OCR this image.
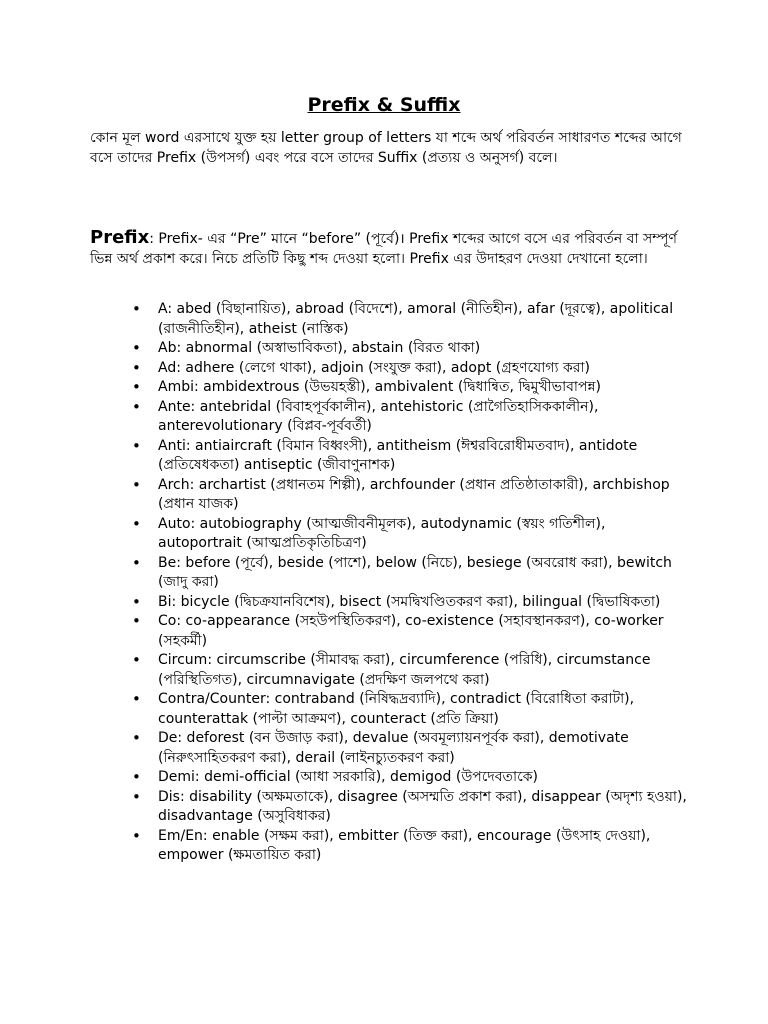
Prefix & Suffix

কোন মূল word এরসাথে যুক্ত হয় letter group of letters যা শব্দে অর্থ পরিবর্তন সাধারণত শব্দের আগে বসে তাদের Prefix (উপসর্গ) এবং পরে বসে তাদের Suffix (প্রত্যয় ও অনুসর্গ) বলে।

Prefix: Prefix- এর “Pre” মানে “before” (পূর্বে)। Prefix শব্দের আগে বসে এর পরিবর্তন বা সম্পূর্ণ ভিন্ন অর্থ প্রকাশ করে। নিচে প্রতিটি কিছু শব্দ দেওয়া হলো। Prefix এর উদাহরণ দেওয়া দেখানো হলো।

• A: abed (বিছানায়িত), abroad (বিদেশে), amoral (নীতিহীন), afar (দূরত্বে), apolitical (রাজনীতিহীন), atheist (নাস্তিক)
• Ab: abnormal (অস্বাভাবিকতা), abstain (বিরত থাকা)
• Ad: adhere (লেগে থাকা), adjoin (সংযুক্ত করা), adopt (গ্রহণযোগ্য করা)
• Ambi: ambidextrous (উভয়হস্তী), ambivalent (দ্বিধান্বিত, দ্বিমুখীভাবাপন্ন)
• Ante: antebridal (বিবাহপূর্বকালীন), antehistoric (প্রাগৈতিহাসিককালীন), anterevolutionary (বিপ্লব-পূর্ববর্তী)
• Anti: antiaircraft (বিমান বিধ্বংসী), antitheism (ঈশ্বরবিরোধীমতবাদ), antidote (প্রতিষেধকতা) antiseptic (জীবাণুনাশক)
• Arch: archartist (প্রধানতম শিল্পী), archfounder (প্রধান প্রতিষ্ঠাতাকারী), archbishop (প্রধান যাজক)
• Auto: autobiography (আত্মজীবনীমূলক), autodynamic (স্বয়ং গতিশীল), autoportrait (আত্মপ্রতিকৃতিচিত্রণ)
• Be: before (পূর্বে), beside (পাশে), below (নিচে), besiege (অবরোধ করা), bewitch (জাদু করা)
• Bi: bicycle (দ্বিচক্রযানবিশেষ), bisect (সমদ্বিখণ্ডিতকরণ করা), bilingual (দ্বিভাষিকতা)
• Co: co-appearance (সহউপস্থিতিকরণ), co-existence (সহাবস্থানকরণ), co-worker (সহকর্মী)
• Circum: circumscribe (সীমাবদ্ধ করা), circumference (পরিধি), circumstance (পরিস্থিতিগত), circumnavigate (প্রদক্ষিণ জলপথে করা)
• Contra/Counter: contraband (নিষিদ্ধদ্রব্যাদি), contradict (বিরোধিতা করাটা), counterattak (পাল্টা আক্রমণ), counteract (প্রতি ক্রিয়া)
• De: deforest (বন উজাড় করা), devalue (অবমূল্যায়নপূর্বক করা), demotivate (নিরুৎসাহিতকরণ করা), derail (লাইনচ্যুতকরণ করা)
• Demi: demi-official (আধা সরকারি), demigod (উপদেবতাকে)
• Dis: disability (অক্ষমতাকে), disagree (অসম্মতি প্রকাশ করা), disappear (অদৃশ্য হওয়া), disadvantage (অসুবিধাকর)
• Em/En: enable (সক্ষম করা), embitter (তিক্ত করা), encourage (উৎসাহ দেওয়া), empower (ক্ষমতায়িত করা)
